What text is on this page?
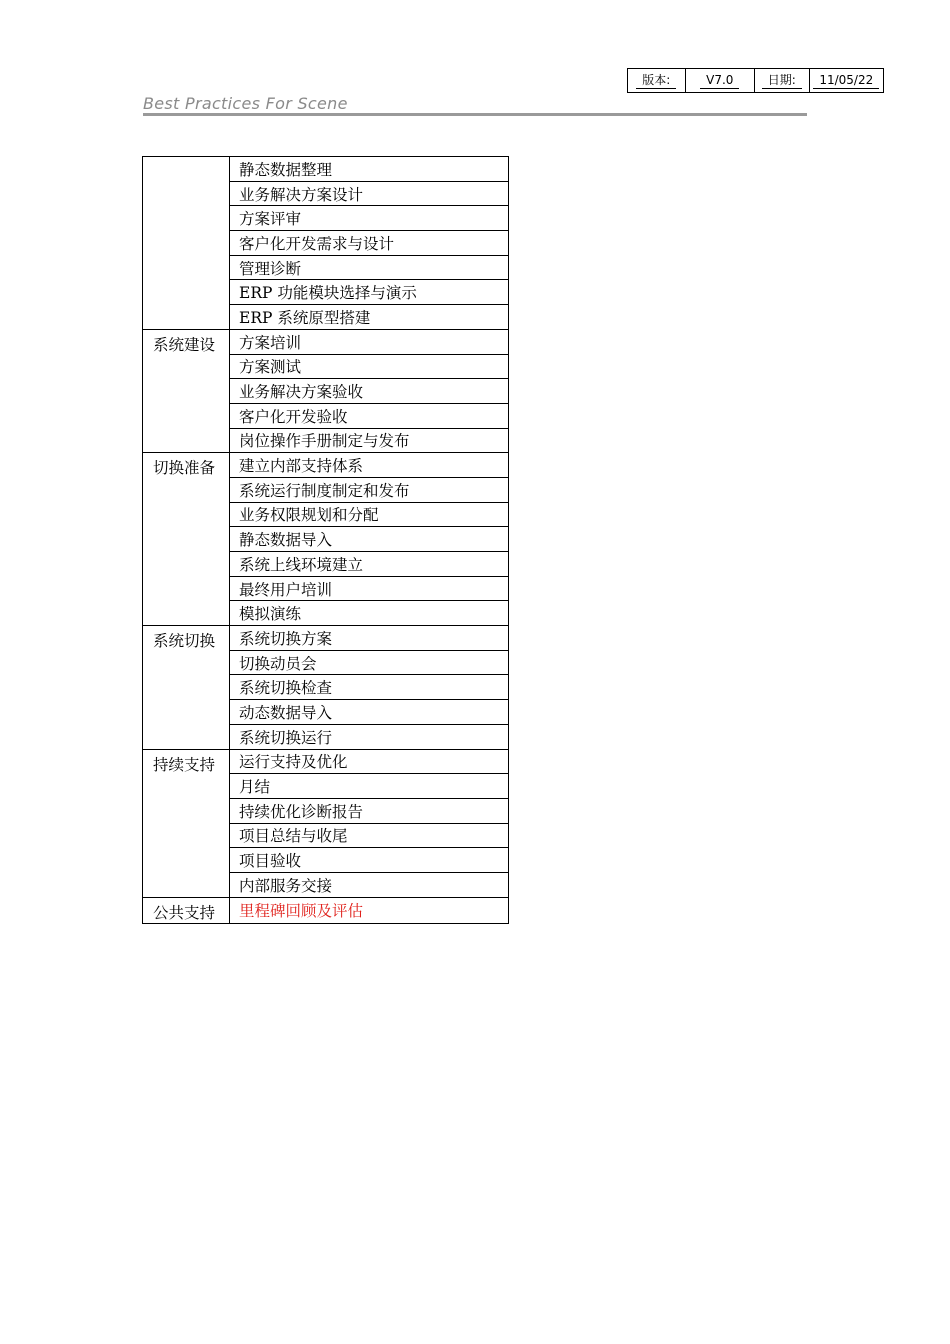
版本:	V7.0	日期:	11/05/22
Best Practices For Scene
	静态数据整理
	业务解决方案设计
	方案评审
	客户化开发需求与设计
	管理诊断
	ERP 功能模块选择与演示
	ERP 系统原型搭建
系统建设	方案培训
	方案测试
	业务解决方案验收
	客户化开发验收
	岗位操作手册制定与发布
切换准备	建立内部支持体系
	系统运行制度制定和发布
	业务权限规划和分配
	静态数据导入
	系统上线环境建立
	最终用户培训
	模拟演练
系统切换	系统切换方案
	切换动员会
	系统切换检查
	动态数据导入
	系统切换运行
持续支持	运行支持及优化
	月结
	持续优化诊断报告
	项目总结与收尾
	项目验收
	内部服务交接
公共支持	里程碑回顾及评估
